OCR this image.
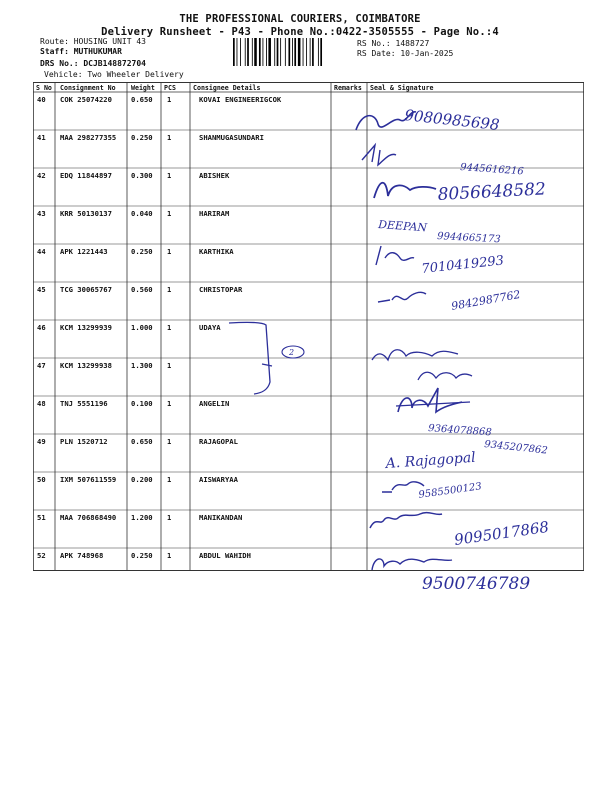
THE PROFESSIONAL COURIERS, COIMBATORE
Delivery Runsheet - P43 - Phone No.:0422-3505555 - Page No.:4
Route: HOUSING UNIT 43
Staff: MUTHUKUMAR
DRS No.: DCJB148872704
Vehicle: Two Wheeler Delivery
RS No.: 1488727
RS Date: 10-Jan-2025
S No Consignment No Weight PCS	Consignee Details	Remarks Seal & Signature
40 COK 25074220	0.650 1	KOVAI ENGINEERIGCOK
41 MAA 298277355 0.250 1	SHANMUGASUNDARI
42 EDQ 11844897	0.300 1	ABISHEK
43 KRR 50130137	0.040 1	HARIRAM
44 APK 1221443	0.250 1	KARTHIKA
45 TCG 30065767	0.560 1	CHRISTOPAR
46 KCM 13299939	1.000 1	UDAYA
47 KCM 13299938	1.300 1
48 TNJ 5551196	0.100 1	ANGELIN
49 PLN 1520712	0.650 1	RAJAGOPAL
50 IXM 507611559 0.200 1	AISWARYAA
51 MAA 706868490 1.200 1	MANIKANDAN
52 APK 748968	0.250 1	ABDUL WAHIDH
9080985698
9445616216
8056648582
DEEPAN
9944665173
7010419293
9842987762
2
9364078868
A. Rajagopal
9345207862
9585500123
9095017868
9500746789
